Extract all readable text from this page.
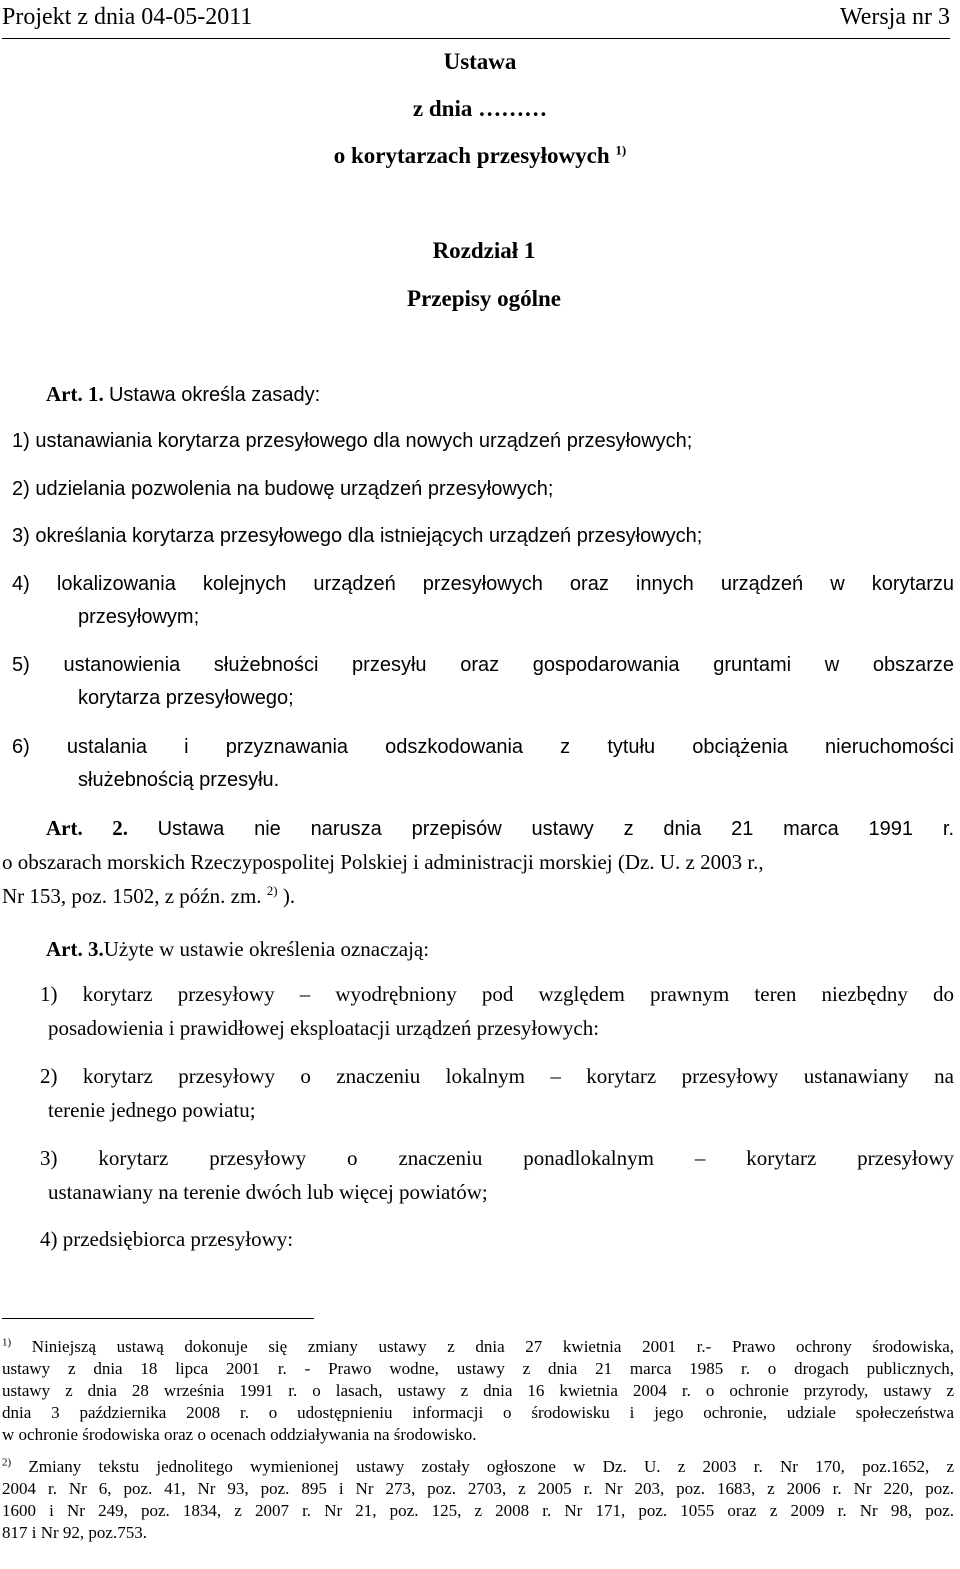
Projekt z dnia 04-05-2011	Wersja nr 3
Ustawa
z dnia ………
o korytarzach przesyłowych $^{1)}$
Rozdział 1
Przepisy ogólne
Art. 1. Ustawa określa zasady:
1) ustanawiania korytarza przesyłowego dla nowych urządzeń przesyłowych;
2) udzielania pozwolenia na budowę urządzeń przesyłowych;
3) określania korytarza przesyłowego dla istniejących urządzeń przesyłowych;
4) lokalizowania kolejnych urządzeń przesyłowych oraz innych urządzeń w korytarzu
przesyłowym;
5) ustanowienia służebności przesyłu oraz gospodarowania gruntami w obszarze
korytarza przesyłowego;
6) ustalania i przyznawania odszkodowania z tytułu obciążenia nieruchomości
służebnością przesyłu.
Art. 2. Ustawa nie narusza przepisów ustawy z dnia 21 marca 1991 r.
o obszarach morskich Rzeczypospolitej Polskiej i administracji morskiej (Dz. U. z 2003 r.,
Nr 153, poz. 1502, z późn. zm. $^{2)}$ ).
Art. 3.Użyte w ustawie określenia oznaczają:
1) korytarz przesyłowy – wyodrębniony pod względem prawnym teren niezbędny do
posadowienia i prawidłowej eksploatacji urządzeń przesyłowych:
2) korytarz przesyłowy o znaczeniu lokalnym – korytarz przesyłowy ustanawiany na
terenie jednego powiatu;
3) korytarz przesyłowy o znaczeniu ponadlokalnym – korytarz przesyłowy
ustanawiany na terenie dwóch lub więcej powiatów;
4) przedsiębiorca przesyłowy:
$^{1)}$ Niniejszą ustawą dokonuje się zmiany ustawy z dnia 27 kwietnia 2001 r.- Prawo ochrony środowiska,
ustawy z dnia 18 lipca 2001 r. - Prawo wodne, ustawy z dnia 21 marca 1985 r. o drogach publicznych,
ustawy z dnia 28 września 1991 r. o lasach, ustawy z dnia 16 kwietnia 2004 r. o ochronie przyrody, ustawy z
dnia 3 października 2008 r. o udostępnieniu informacji o środowisku i jego ochronie, udziale społeczeństwa
w ochronie środowiska oraz o ocenach oddziaływania na środowisko.
$^{2)}$ Zmiany tekstu jednolitego wymienionej ustawy zostały ogłoszone w Dz. U. z 2003 r. Nr 170, poz.1652, z
2004 r. Nr 6, poz. 41, Nr 93, poz. 895 i Nr 273, poz. 2703, z 2005 r. Nr 203, poz. 1683, z 2006 r. Nr 220, poz.
1600 i Nr 249, poz. 1834, z 2007 r. Nr 21, poz. 125, z 2008 r. Nr 171, poz. 1055 oraz z 2009 r. Nr 98, poz.
817 i Nr 92, poz.753.
